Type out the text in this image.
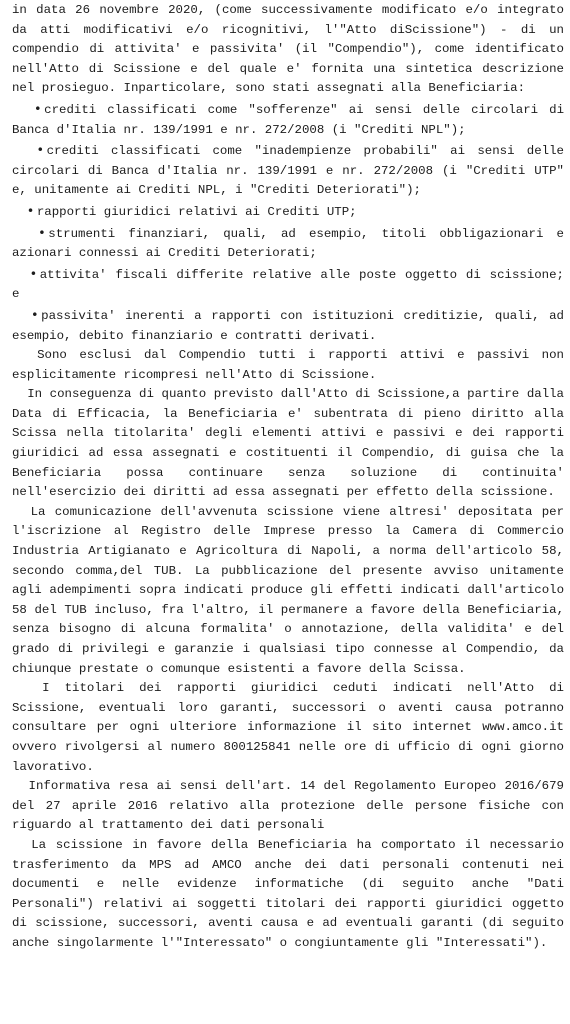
in data 26 novembre 2020, (come successivamente modificato e/o integrato da atti modificativi e/o ricognitivi, l'"Atto diScissione") - di un compendio di attivita' e passivita' (il "Compendio"), come identificato nell'Atto di Scissione e del quale e' fornita una sintetica descrizione nel prosieguo. Inparticolare, sono stati assegnati alla Beneficiaria:

• crediti classificati come "sofferenze" ai sensi delle circolari di Banca d'Italia nr. 139/1991 e nr. 272/2008 (i "Crediti NPL");

• crediti classificati come "inadempienze probabili" ai sensi delle circolari di Banca d'Italia nr. 139/1991 e nr. 272/2008 (i "Crediti UTP" e, unitamente ai Crediti NPL, i "Crediti Deteriorati");

• rapporti giuridici relativi ai Crediti UTP;

• strumenti finanziari, quali, ad esempio, titoli obbligazionari e azionari connessi ai Crediti Deteriorati;

• attivita' fiscali differite relative alle poste oggetto di scissione; e

• passivita' inerenti a rapporti con istituzioni creditizie, quali, ad esempio, debito finanziario e contratti derivati.

Sono esclusi dal Compendio tutti i rapporti attivi e passivi non esplicitamente ricompresi nell'Atto di Scissione.

In conseguenza di quanto previsto dall'Atto di Scissione,a partire dalla Data di Efficacia, la Beneficiaria e' subentrata di pieno diritto alla Scissa nella titolarita' degli elementi attivi e passivi e dei rapporti giuridici ad essa assegnati e costituenti il Compendio, di guisa che la Beneficiaria possa continuare senza soluzione di continuita' nell'esercizio dei diritti ad essa assegnati per effetto della scissione.

La comunicazione dell'avvenuta scissione viene altresi' depositata per l'iscrizione al Registro delle Imprese presso la Camera di Commercio Industria Artigianato e Agricoltura di Napoli, a norma dell'articolo 58, secondo comma,del TUB. La pubblicazione del presente avviso unitamente agli adempimenti sopra indicati produce gli effetti indicati dall'articolo 58 del TUB incluso, fra l'altro, il permanere a favore della Beneficiaria, senza bisogno di alcuna formalita' o annotazione, della validita' e del grado di privilegi e garanzie i qualsiasi tipo connesse al Compendio, da chiunque prestate o comunque esistenti a favore della Scissa.

I titolari dei rapporti giuridici ceduti indicati nell'Atto di Scissione, eventuali loro garanti, successori o aventi causa potranno consultare per ogni ulteriore informazione il sito internet www.amco.it ovvero rivolgersi al numero 800125841 nelle ore di ufficio di ogni giorno lavorativo.

Informativa resa ai sensi dell'art. 14 del Regolamento Europeo 2016/679 del 27 aprile 2016 relativo alla protezione delle persone fisiche con riguardo al trattamento dei dati personali

La scissione in favore della Beneficiaria ha comportato il necessario trasferimento da MPS ad AMCO anche dei dati personali contenuti nei documenti e nelle evidenze informatiche (di seguito anche "Dati Personali") relativi ai soggetti titolari dei rapporti giuridici oggetto di scissione, successori, aventi causa e ad eventuali garanti (di seguito anche singolarmente l'"Interessato" o congiuntamente gli "Interessati").
